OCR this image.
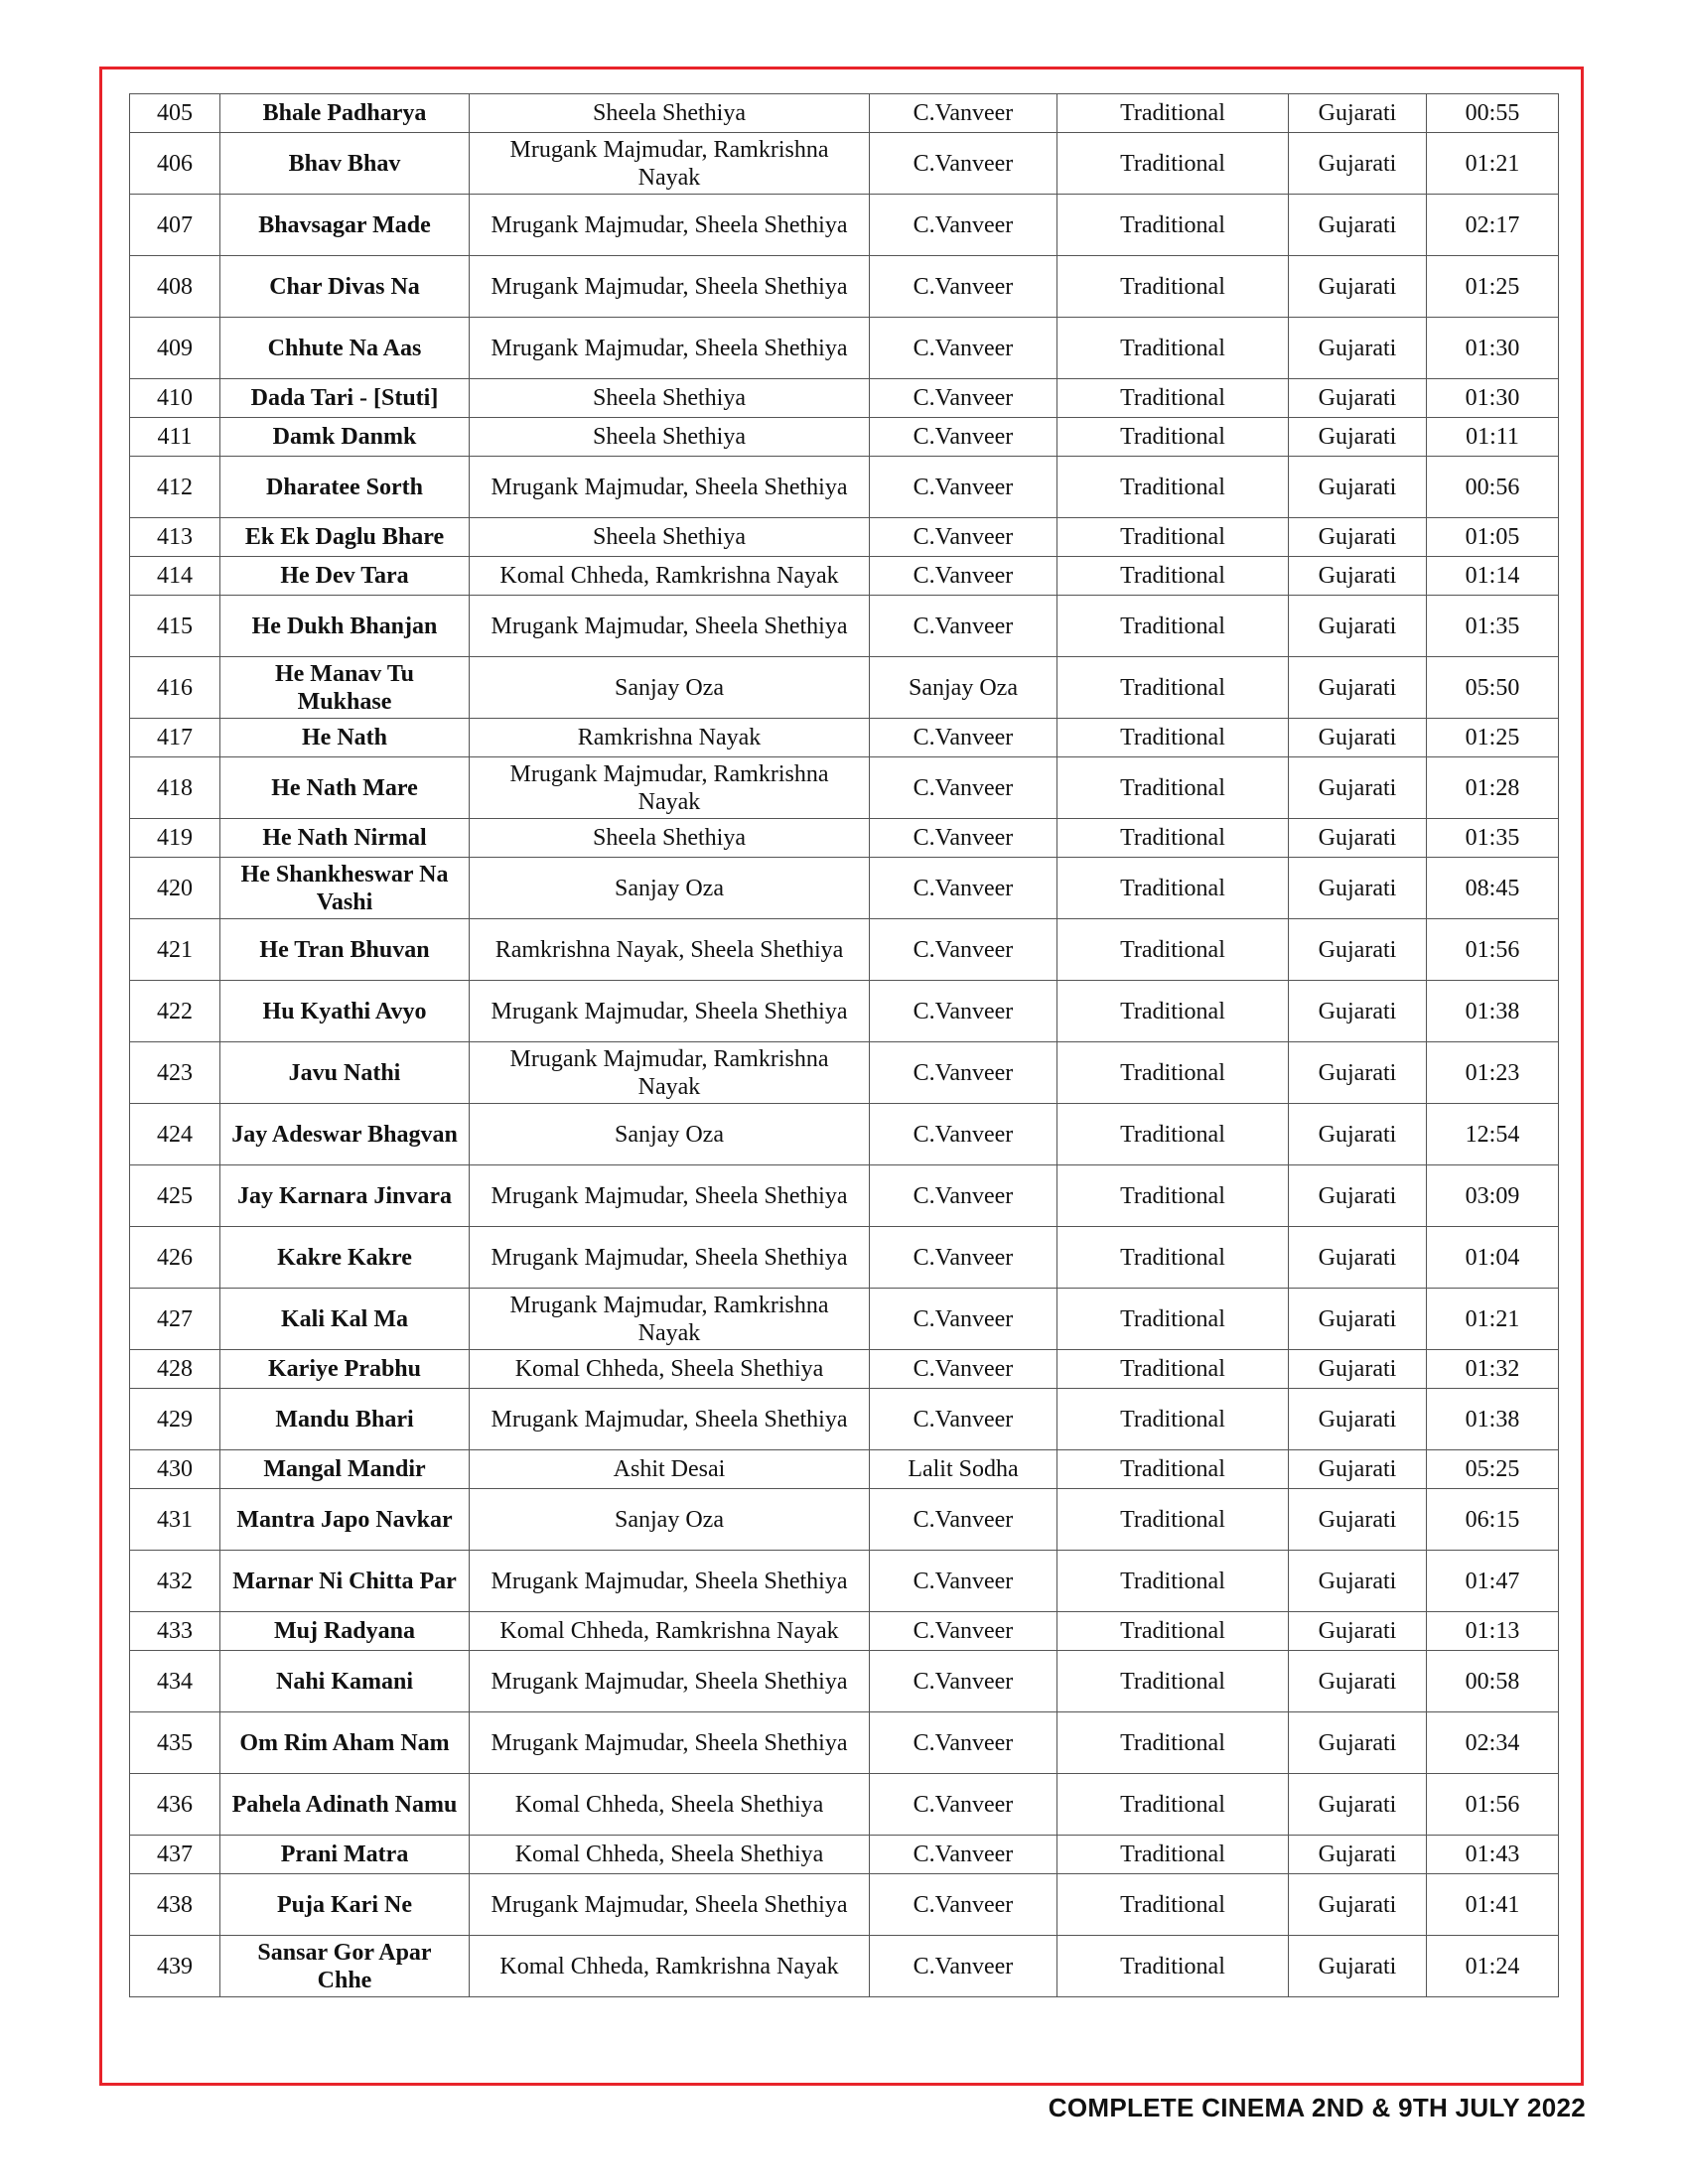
405	Bhale Padharya	Sheela Shethiya	C.Vanveer	Traditional	Gujarati	00:55
406	Bhav Bhav	Mrugank Majmudar, Ramkrishna Nayak	C.Vanveer	Traditional	Gujarati	01:21
407	Bhavsagar Made	Mrugank Majmudar, Sheela Shethiya	C.Vanveer	Traditional	Gujarati	02:17
408	Char Divas Na	Mrugank Majmudar, Sheela Shethiya	C.Vanveer	Traditional	Gujarati	01:25
409	Chhute Na Aas	Mrugank Majmudar, Sheela Shethiya	C.Vanveer	Traditional	Gujarati	01:30
410	Dada Tari - [Stuti]	Sheela Shethiya	C.Vanveer	Traditional	Gujarati	01:30
411	Damk Danmk	Sheela Shethiya	C.Vanveer	Traditional	Gujarati	01:11
412	Dharatee Sorth	Mrugank Majmudar, Sheela Shethiya	C.Vanveer	Traditional	Gujarati	00:56
413	Ek Ek Daglu Bhare	Sheela Shethiya	C.Vanveer	Traditional	Gujarati	01:05
414	He Dev Tara	Komal Chheda, Ramkrishna Nayak	C.Vanveer	Traditional	Gujarati	01:14
415	He Dukh Bhanjan	Mrugank Majmudar, Sheela Shethiya	C.Vanveer	Traditional	Gujarati	01:35
416	He Manav Tu Mukhase	Sanjay Oza	Sanjay Oza	Traditional	Gujarati	05:50
417	He Nath	Ramkrishna Nayak	C.Vanveer	Traditional	Gujarati	01:25
418	He Nath Mare	Mrugank Majmudar, Ramkrishna Nayak	C.Vanveer	Traditional	Gujarati	01:28
419	He Nath Nirmal	Sheela Shethiya	C.Vanveer	Traditional	Gujarati	01:35
420	He Shankheswar Na Vashi	Sanjay Oza	C.Vanveer	Traditional	Gujarati	08:45
421	He Tran Bhuvan	Ramkrishna Nayak, Sheela Shethiya	C.Vanveer	Traditional	Gujarati	01:56
422	Hu Kyathi Avyo	Mrugank Majmudar, Sheela Shethiya	C.Vanveer	Traditional	Gujarati	01:38
423	Javu Nathi	Mrugank Majmudar, Ramkrishna Nayak	C.Vanveer	Traditional	Gujarati	01:23
424	Jay Adeswar Bhagvan	Sanjay Oza	C.Vanveer	Traditional	Gujarati	12:54
425	Jay Karnara Jinvara	Mrugank Majmudar, Sheela Shethiya	C.Vanveer	Traditional	Gujarati	03:09
426	Kakre Kakre	Mrugank Majmudar, Sheela Shethiya	C.Vanveer	Traditional	Gujarati	01:04
427	Kali Kal Ma	Mrugank Majmudar, Ramkrishna Nayak	C.Vanveer	Traditional	Gujarati	01:21
428	Kariye Prabhu	Komal Chheda, Sheela Shethiya	C.Vanveer	Traditional	Gujarati	01:32
429	Mandu Bhari	Mrugank Majmudar, Sheela Shethiya	C.Vanveer	Traditional	Gujarati	01:38
430	Mangal Mandir	Ashit Desai	Lalit Sodha	Traditional	Gujarati	05:25
431	Mantra Japo Navkar	Sanjay Oza	C.Vanveer	Traditional	Gujarati	06:15
432	Marnar Ni Chitta Par	Mrugank Majmudar, Sheela Shethiya	C.Vanveer	Traditional	Gujarati	01:47
433	Muj Radyana	Komal Chheda, Ramkrishna Nayak	C.Vanveer	Traditional	Gujarati	01:13
434	Nahi Kamani	Mrugank Majmudar, Sheela Shethiya	C.Vanveer	Traditional	Gujarati	00:58
435	Om Rim Aham Nam	Mrugank Majmudar, Sheela Shethiya	C.Vanveer	Traditional	Gujarati	02:34
436	Pahela Adinath Namu	Komal Chheda, Sheela Shethiya	C.Vanveer	Traditional	Gujarati	01:56
437	Prani Matra	Komal Chheda, Sheela Shethiya	C.Vanveer	Traditional	Gujarati	01:43
438	Puja Kari Ne	Mrugank Majmudar, Sheela Shethiya	C.Vanveer	Traditional	Gujarati	01:41
439	Sansar Gor Apar Chhe	Komal Chheda, Ramkrishna Nayak	C.Vanveer	Traditional	Gujarati	01:24
COMPLETE CINEMA 2ND & 9TH JULY 2022
